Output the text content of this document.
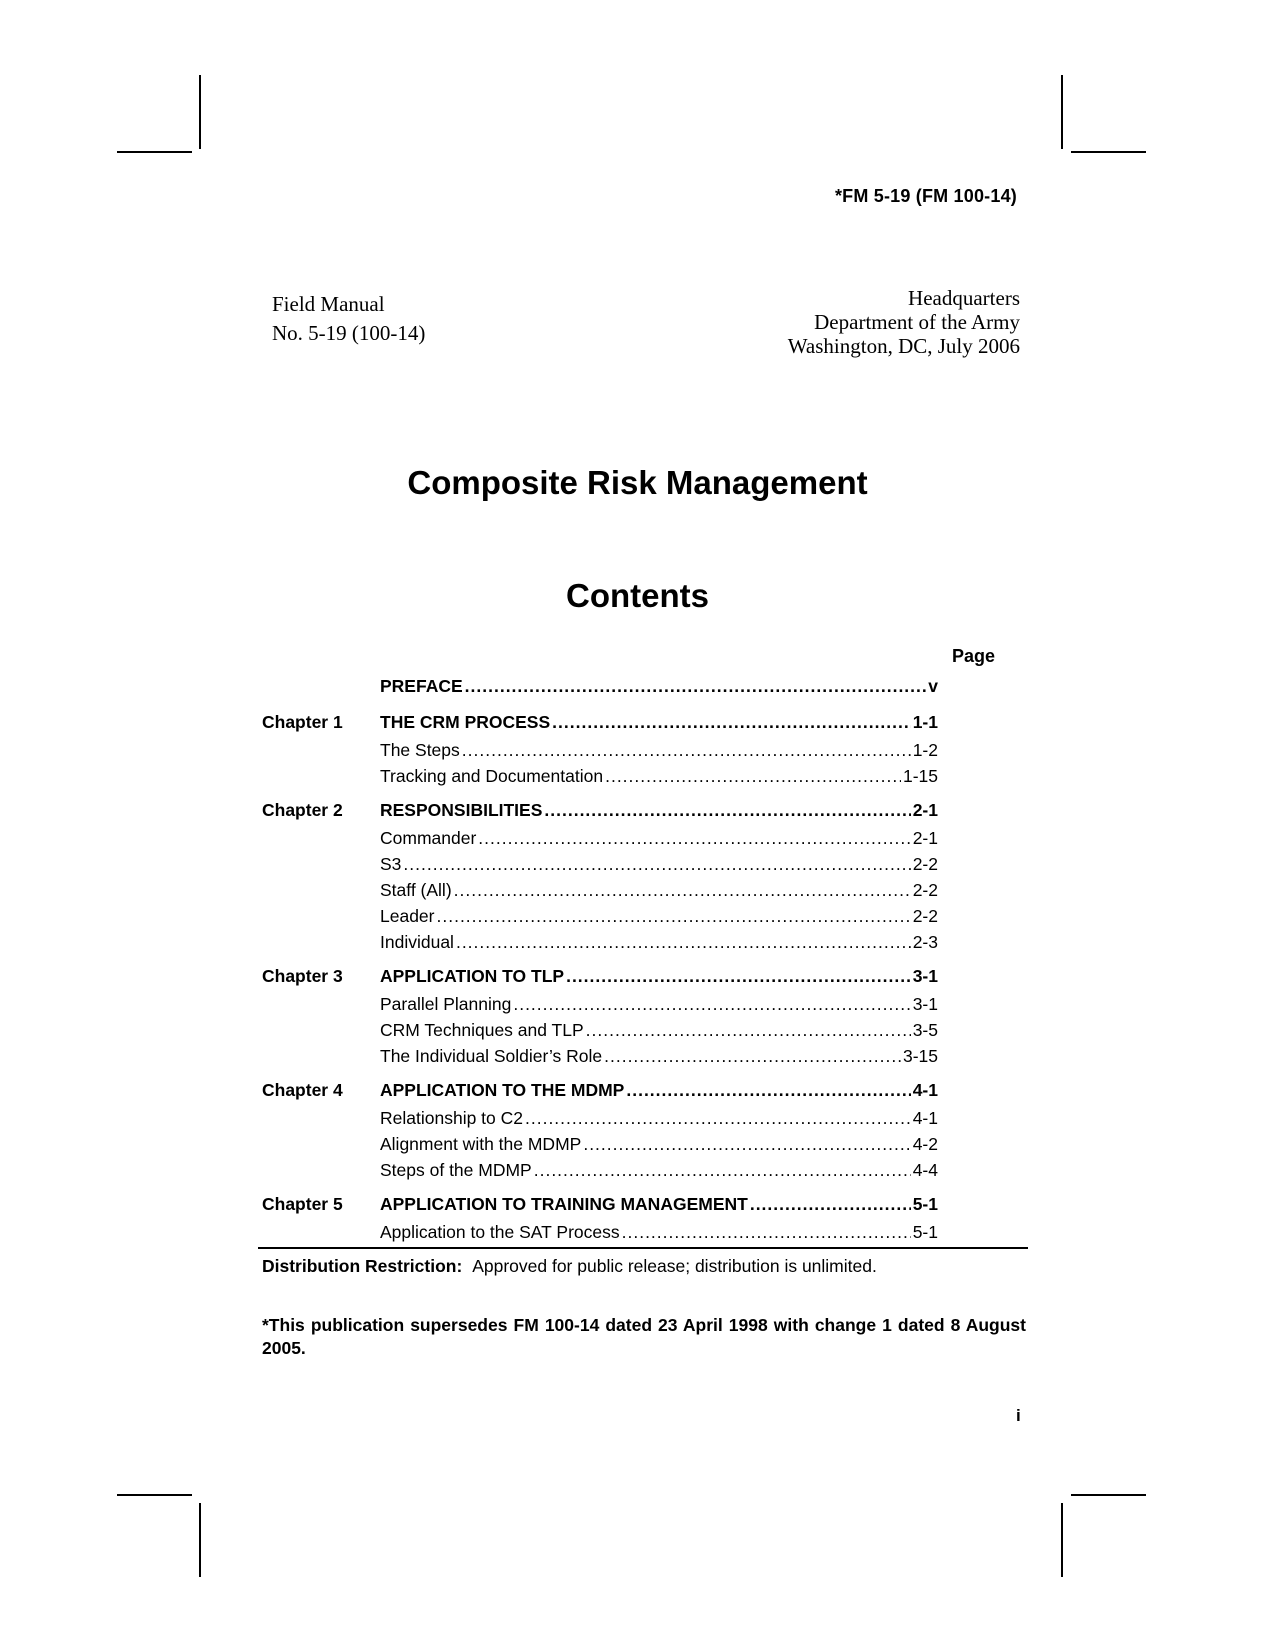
*FM 5-19 (FM 100-14)
Field Manual
No. 5-19 (100-14)
Headquarters
Department of the Army
Washington, DC, July 2006
Composite Risk Management
Contents
Page
PREFACE .....	v
Chapter 1	THE CRM PROCESS .....	1-1
The Steps .....	1-2
Tracking and Documentation .....	1-15
Chapter 2	RESPONSIBILITIES .....	2-1
Commander .....	2-1
S3 .....	2-2
Staff (All) .....	2-2
Leader .....	2-2
Individual .....	2-3
Chapter 3	APPLICATION TO TLP .....	3-1
Parallel Planning .....	3-1
CRM Techniques and TLP .....	3-5
The Individual Soldier’s Role .....	3-15
Chapter 4	APPLICATION TO THE MDMP .....	4-1
Relationship to C2 .....	4-1
Alignment with the MDMP .....	4-2
Steps of the MDMP .....	4-4
Chapter 5	APPLICATION TO TRAINING MANAGEMENT .....	5-1
Application to the SAT Process .....	5-1
Distribution Restriction: Approved for public release; distribution is unlimited.
*This publication supersedes FM 100-14 dated 23 April 1998 with change 1 dated 8 August 2005.
i
